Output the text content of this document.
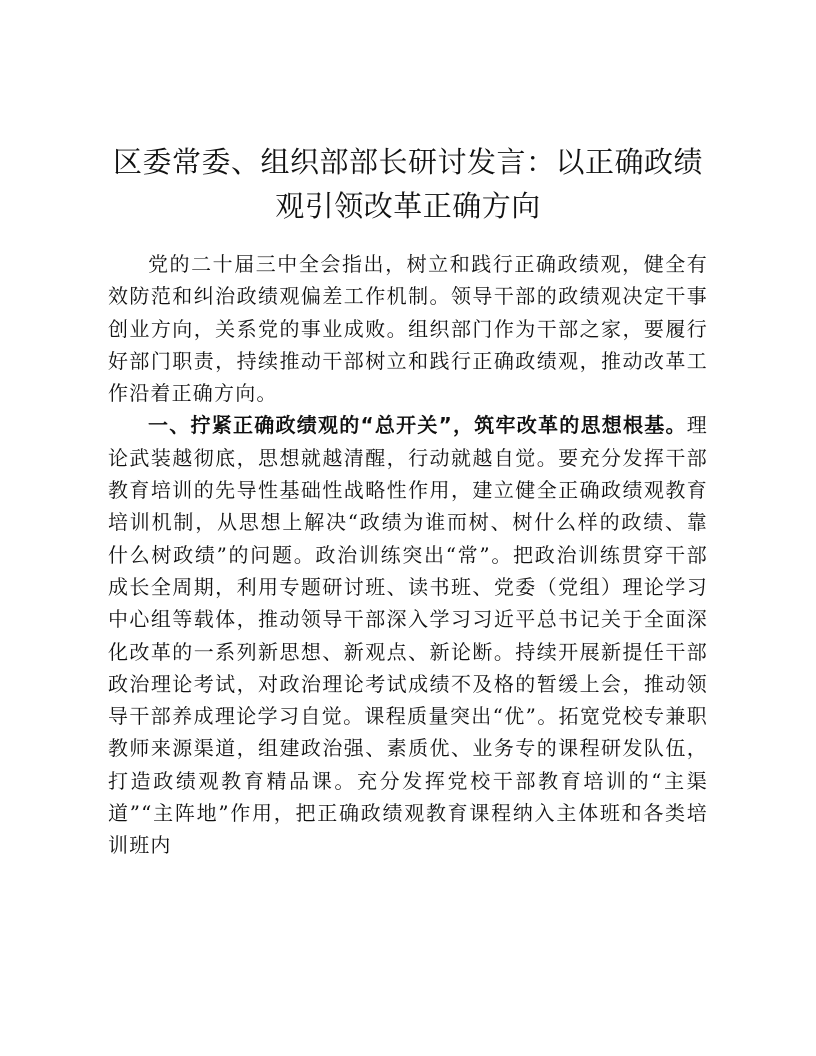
区委常委、组织部部长研讨发言：以正确政绩
观引领改革正确方向

党的二十届三中全会指出，树立和践行正确政绩观，健全有效防范和纠治政绩观偏差工作机制。领导干部的政绩观决定干事创业方向，关系党的事业成败。组织部门作为干部之家，要履行好部门职责，持续推动干部树立和践行正确政绩观，推动改革工作沿着正确方向。

一、拧紧正确政绩观的“总开关”，筑牢改革的思想根基。理论武装越彻底，思想就越清醒，行动就越自觉。要充分发挥干部教育培训的先导性基础性战略性作用，建立健全正确政绩观教育培训机制，从思想上解决“政绩为谁而树、树什么样的政绩、靠什么树政绩”的问题。政治训练突出“常”。把政治训练贯穿干部成长全周期，利用专题研讨班、读书班、党委（党组）理论学习中心组等载体，推动领导干部深入学习习近平总书记关于全面深化改革的一系列新思想、新观点、新论断。持续开展新提任干部政治理论考试，对政治理论考试成绩不及格的暂缓上会，推动领导干部养成理论学习自觉。课程质量突出“优”。拓宽党校专兼职教师来源渠道，组建政治强、素质优、业务专的课程研发队伍，打造政绩观教育精品课。充分发挥党校干部教育培训的“主渠道”“主阵地”作用，把正确政绩观教育课程纳入主体班和各类培训班内
